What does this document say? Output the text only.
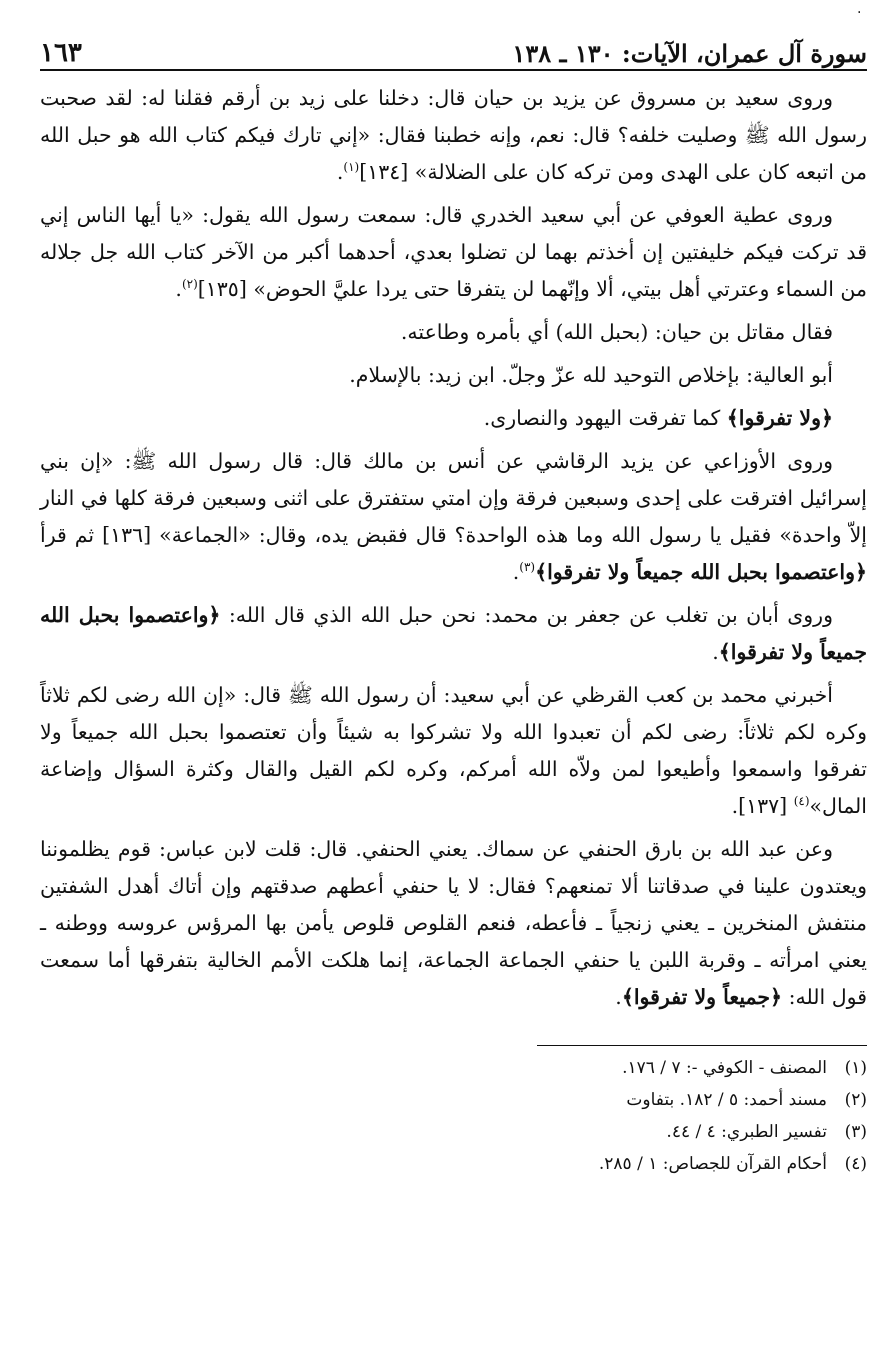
٠
سورة آل عمران، الآيات: ١٣٠ ـ ١٣٨
١٦٣

وروى سعيد بن مسروق عن يزيد بن حيان قال: دخلنا على زيد بن أرقم فقلنا له: لقد صحبت رسول الله ﷺ وصليت خلفه؟ قال: نعم، وإنه خطبنا فقال: «إني تارك فيكم كتاب الله هو حبل الله من اتبعه كان على الهدى ومن تركه كان على الضلالة» [١٣٤]$^{(١)}$.

وروى عطية العوفي عن أبي سعيد الخدري قال: سمعت رسول الله يقول: «يا أيها الناس إني قد تركت فيكم خليفتين إن أخذتم بهما لن تضلوا بعدي، أحدهما أكبر من الآخر كتاب الله جل جلاله من السماء وعترتي أهل بيتي، ألا وإنّهما لن يتفرقا حتى يردا عليَّ الحوض» [١٣٥]$^{(٢)}$.

فقال مقاتل بن حيان: (بحبل الله) أي بأمره وطاعته.

أبو العالية: بإخلاص التوحيد لله عزّ وجلّ. ابن زيد: بالإسلام.

﴿ولا تفرقوا﴾ كما تفرقت اليهود والنصارى.

وروى الأوزاعي عن يزيد الرقاشي عن أنس بن مالك قال: قال رسول الله ﷺ: «إن بني إسرائيل افترقت على إحدى وسبعين فرقة وإن امتي ستفترق على اثنى وسبعين فرقة كلها في النار إلاّ واحدة» فقيل يا رسول الله وما هذه الواحدة؟ قال فقبض يده، وقال: «الجماعة» [١٣٦] ثم قرأ ﴿واعتصموا بحبل الله جميعاً ولا تفرقوا﴾$^{(٣)}$.

وروى أبان بن تغلب عن جعفر بن محمد: نحن حبل الله الذي قال الله: ﴿واعتصموا بحبل الله جميعاً ولا تفرقوا﴾.

أخبرني محمد بن كعب القرظي عن أبي سعيد: أن رسول الله ﷺ قال: «إن الله رضى لكم ثلاثاً وكره لكم ثلاثاً: رضى لكم أن تعبدوا الله ولا تشركوا به شيئاً وأن تعتصموا بحبل الله جميعاً ولا تفرقوا واسمعوا وأطيعوا لمن ولاّه الله أمركم، وكره لكم القيل والقال وكثرة السؤال وإضاعة المال»$^{(٤)}$ [١٣٧].

وعن عبد الله بن بارق الحنفي عن سماك. يعني الحنفي. قال: قلت لابن عباس: قوم يظلموننا ويعتدون علينا في صدقاتنا ألا تمنعهم؟ فقال: لا يا حنفي أعطهم صدقتهم وإن أتاك أهدل الشفتين منتفش المنخرين ـ يعني زنجياً ـ فأعطه، فنعم القلوص قلوص يأمن بها المرؤس عروسه ووطنه ـ يعني امرأته ـ وقربة اللبن يا حنفي الجماعة الجماعة، إنما هلكت الأمم الخالية بتفرقها أما سمعت قول الله: ﴿جميعاً ولا تفرقوا﴾.

(١)المصنف - الكوفي -: ٧ / ١٧٦.
(٢)مسند أحمد: ٥ / ١٨٢. بتفاوت
(٣)تفسير الطبري: ٤ / ٤٤.
(٤)أحكام القرآن للجصاص: ١ / ٢٨٥.
